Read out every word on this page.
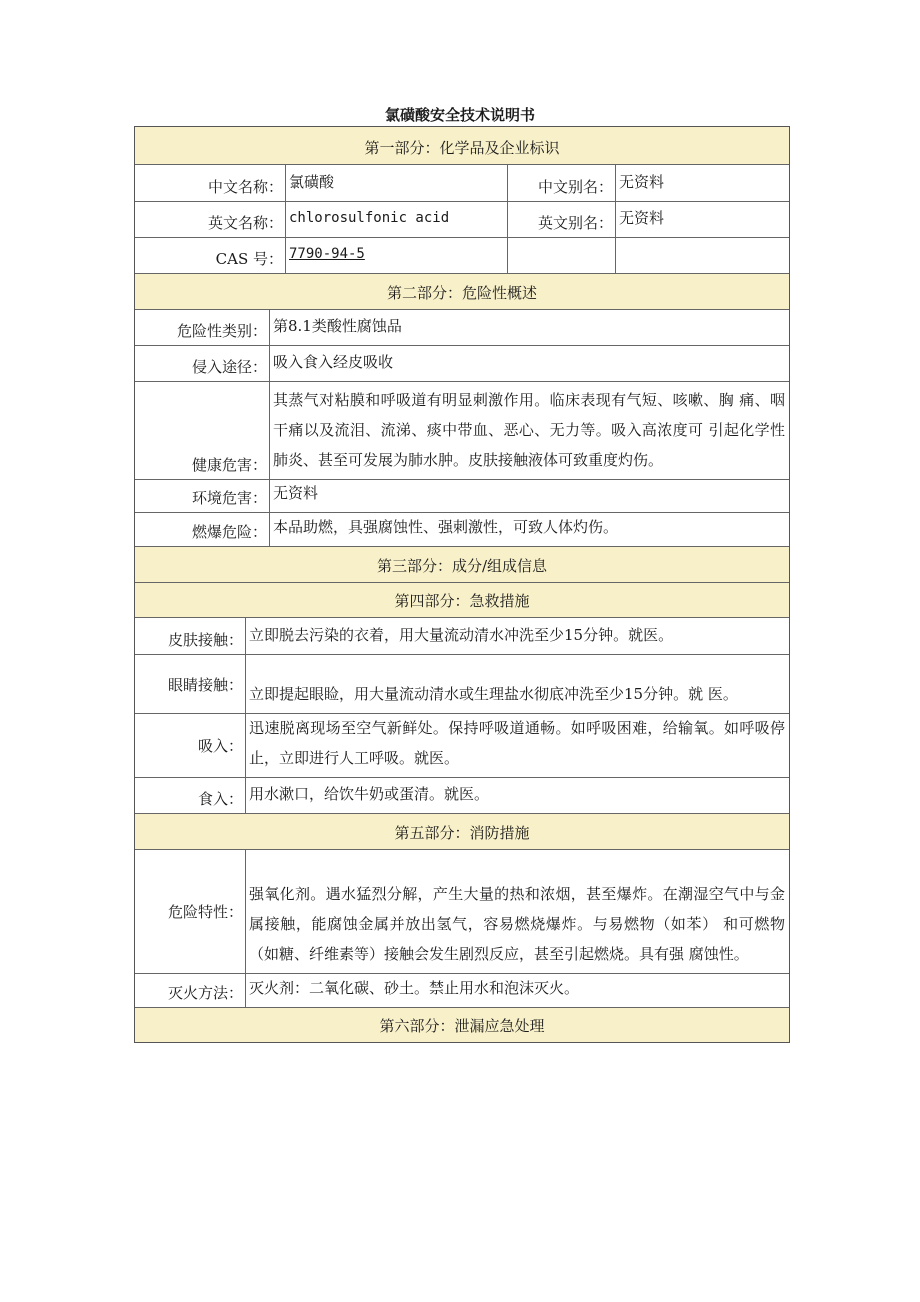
氯磺酸安全技术说明书
第一部分：化学品及企业标识
中文名称： 氯磺酸	中文别名： 无资料
英文名称： chlorosulfonic acid	英文别名： 无资料
CAS 号： 7790-94-5
第二部分：危险性概述
危险性类别： 第8.1类酸性腐蚀品
侵入途径： 吸入食入经皮吸收
健康危害：
其蒸气对粘膜和呼吸道有明显刺激作用。临床表现有气短、咳嗽、胸 痛、咽干痛以及流泪、流涕、痰中带血、恶心、无力等。吸入高浓度可 引起化学性肺炎、甚至可发展为肺水肿。皮肤接触液体可致重度灼伤。
环境危害： 无资料
燃爆危险： 本品助燃，具强腐蚀性、强刺激性，可致人体灼伤。
第三部分：成分/组成信息
第四部分：急救措施
皮肤接触： 立即脱去污染的衣着，用大量流动清水冲洗至少15分钟。就医。
眼睛接触：
立即提起眼睑，用大量流动清水或生理盐水彻底冲洗至少15分钟。就 医。
吸入：
迅速脱离现场至空气新鲜处。保持呼吸道通畅。如呼吸困难，给输氧。如呼吸停止，立即进行人工呼吸。就医。
食入： 用水漱口，给饮牛奶或蛋清。就医。
第五部分：消防措施
危险特性：
强氧化剂。遇水猛烈分解，产生大量的热和浓烟，甚至爆炸。在潮湿空气中与金属接触，能腐蚀金属并放出氢气，容易燃烧爆炸。与易燃物（如苯） 和可燃物（如糖、纤维素等）接触会发生剧烈反应，甚至引起燃烧。具有强 腐蚀性。
灭火方法： 灭火剂：二氧化碳、砂土。禁止用水和泡沫灭火。
第六部分：泄漏应急处理
